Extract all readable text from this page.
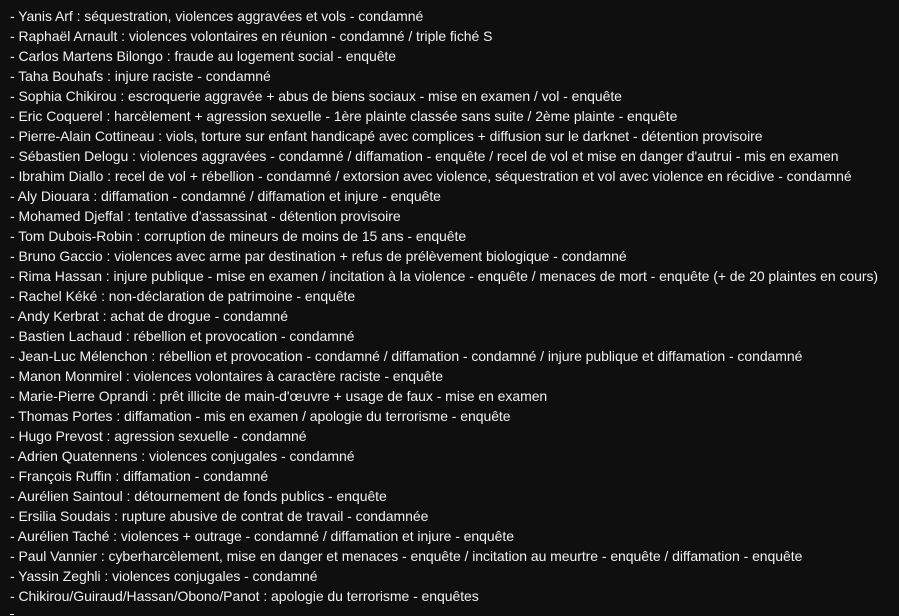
- Yanis Arf : séquestration, violences aggravées et vols - condamné
- Raphaël Arnault : violences volontaires en réunion - condamné / triple fiché S
- Carlos Martens Bilongo : fraude au logement social - enquête
- Taha Bouhafs : injure raciste - condamné
- Sophia Chikirou : escroquerie aggravée + abus de biens sociaux - mise en examen / vol - enquête
- Eric Coquerel : harcèlement + agression sexuelle - 1ère plainte classée sans suite / 2ème plainte - enquête
- Pierre-Alain Cottineau : viols, torture sur enfant handicapé avec complices + diffusion sur le darknet - détention provisoire
- Sébastien Delogu : violences aggravées - condamné / diffamation - enquête / recel de vol et mise en danger d'autrui - mis en examen
- Ibrahim Diallo : recel de vol + rébellion - condamné / extorsion avec violence, séquestration et vol avec violence en récidive - condamné
- Aly Diouara : diffamation - condamné / diffamation et injure - enquête
- Mohamed Djeffal : tentative d'assassinat - détention provisoire
- Tom Dubois-Robin : corruption de mineurs de moins de 15 ans - enquête
- Bruno Gaccio : violences avec arme par destination + refus de prélèvement biologique - condamné
- Rima Hassan : injure publique - mise en examen / incitation à la violence - enquête / menaces de mort - enquête (+ de 20 plaintes en cours)
- Rachel Kéké : non-déclaration de patrimoine - enquête
- Andy Kerbrat : achat de drogue - condamné
- Bastien Lachaud : rébellion et provocation - condamné
- Jean-Luc Mélenchon : rébellion et provocation - condamné / diffamation - condamné / injure publique et diffamation - condamné
- Manon Monmirel : violences volontaires à caractère raciste - enquête
- Marie-Pierre Oprandi : prêt illicite de main-d'œuvre + usage de faux - mise en examen
- Thomas Portes : diffamation - mis en examen / apologie du terrorisme - enquête
- Hugo Prevost : agression sexuelle - condamné
- Adrien Quatennens : violences conjugales - condamné
- François Ruffin : diffamation - condamné
- Aurélien Saintoul : détournement de fonds publics - enquête
- Ersilia Soudais : rupture abusive de contrat de travail - condamnée
- Aurélien Taché : violences + outrage - condamné / diffamation et injure - enquête
- Paul Vannier : cyberharcèlement, mise en danger et menaces - enquête / incitation au meurtre - enquête / diffamation - enquête
- Yassin Zeghli : violences conjugales - condamné
- Chikirou/Guiraud/Hassan/Obono/Panot : apologie du terrorisme - enquêtes
